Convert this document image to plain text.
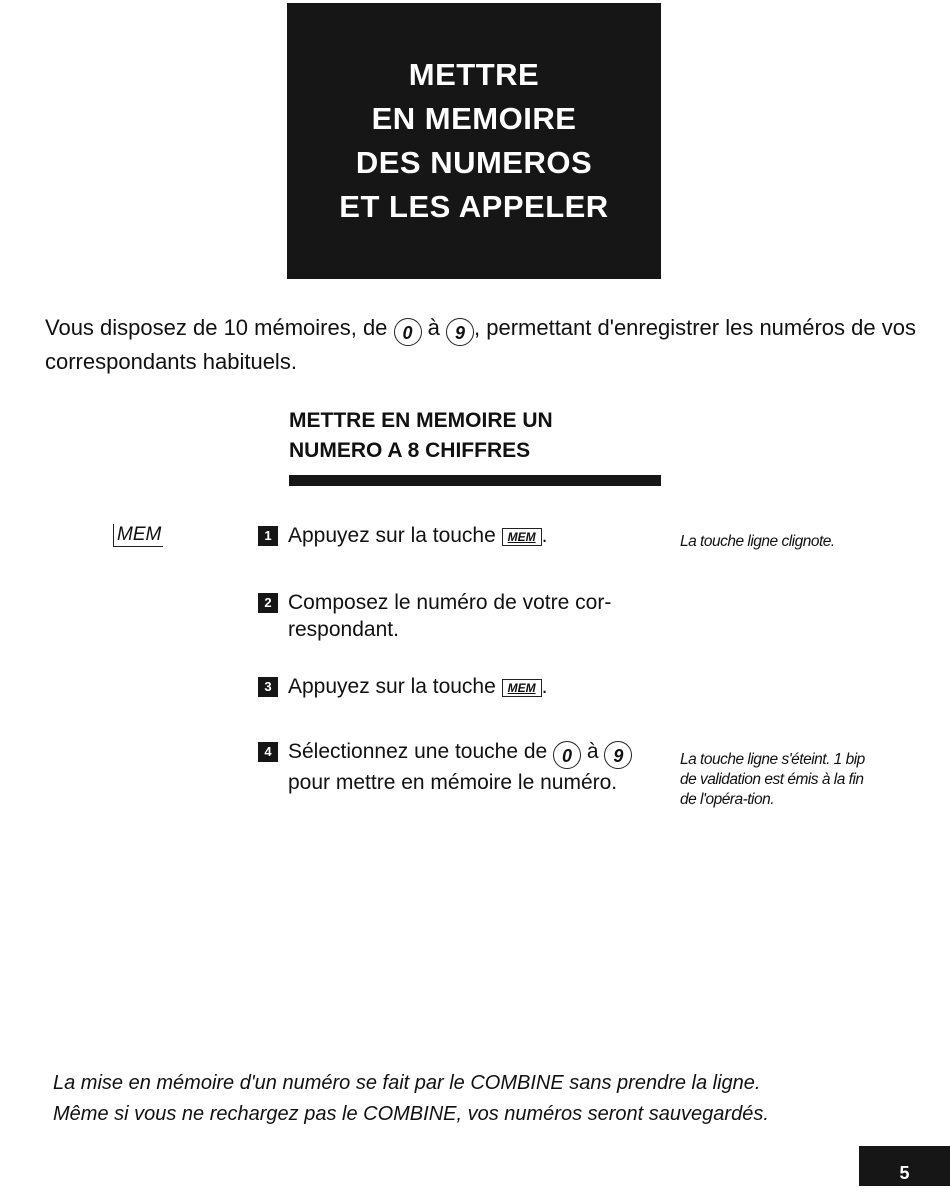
METTRE
EN MEMOIRE
DES NUMEROS
ET LES APPELER
Vous disposez de 10 mémoires, de 0 à 9 , permettant d'enregistrer les numéros de vos correspondants habituels.
METTRE EN MEMOIRE UN
NUMERO A 8 CHIFFRES
MEM	1 Appuyez sur la touche MEM .	La touche ligne clignote.
2 Composez le numéro de votre cor-respondant.
3 Appuyez sur la touche MEM .
4 Sélectionnez une touche de 0 à 9 pour mettre en mémoire le numéro.
La touche ligne s'éteint. 1 bip de validation est émis à la fin de l'opéra-tion.
La mise en mémoire d'un numéro se fait par le COMBINE sans prendre la ligne.
Même si vous ne rechargez pas le COMBINE, vos numéros seront sauvegardés.
5
